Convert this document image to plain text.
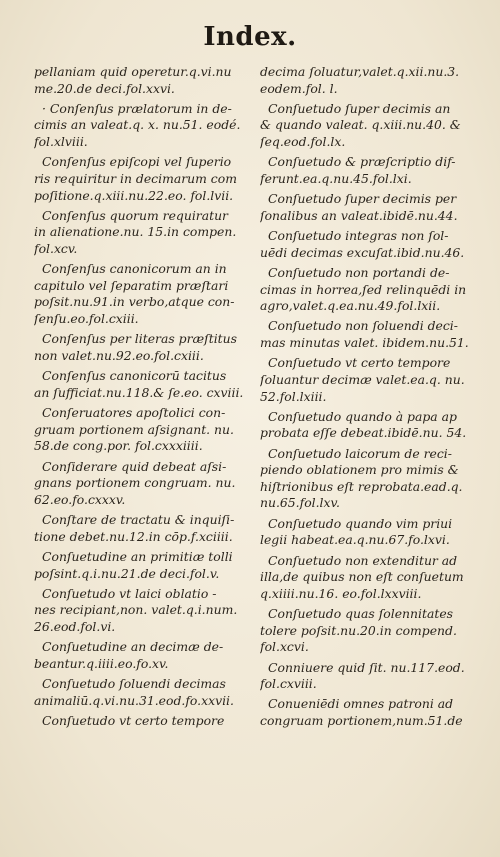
Index.
pellaniam quid operetur.q.vi.nu
me.20.de deci.fol.xxvi.
· Conſenſus prælatorum in de-
cimis an valeat.q. x. nu.51. eodé.
fol.xlviii.
Conſenſus epiſcopi vel ſuperio
ris requiritur in decimarum com
poſitione.q.xiii.nu.22.eo. fol.lvii.
Conſenſus quorum requiratur
in alienatione.nu. 15.in compen.
fol.xcv.
Conſenſus canonicorum an in
capitulo vel ſeparatim præſtari
poſsit.nu.91.in verbo,atque con-
ſenſu.eo.fol.cxiii.
Conſenſus per literas præſtitus
non valet.nu.92.eo.fol.cxiii.
Conſenſus canonicorū tacitus
an ſufficiat.nu.118.& ſe.eo. cxviii.
Conſeruatores apoſtolici con-
gruam portionem aſsignant. nu.
58.de cong.por. fol.cxxxiiii.
Conſiderare quid debeat aſsi-
gnans portionem congruam. nu.
62.eo.fo.cxxxv.
Conſtare de tractatu & inquiſi-
tione debet.nu.12.in cōp.f.xciiii.
Conſuetudine an primitiæ tolli
poſsint.q.i.nu.21.de deci.fol.v.
Conſuetudo vt laici oblatio -
nes recipiant,non. valet.q.i.num.
26.eod.fol.vi.
Conſuetudine an decimæ de-
beantur.q.iiii.eo.fo.xv.
Conſuetudo ſoluendi decimas
animaliū.q.vi.nu.31.eod.fo.xxvii.
Conſuetudo vt certo tempore
decima ſoluatur,valet.q.xii.nu.3.
eodem.fol. l.
Conſuetudo ſuper decimis an
& quando valeat. q.xiii.nu.40. &
ſeq.eod.fol.lx.
Conſuetudo & præſcriptio dif-
ferunt.ea.q.nu.45.fol.lxi.
Conſuetudo ſuper decimis per
ſonalibus an valeat.ibidē.nu.44.
Conſuetudo integras non ſol-
uēdi decimas excuſat.ibid.nu.46.
Conſuetudo non portandi de-
cimas in horrea,ſed relinquēdi in
agro,valet.q.ea.nu.49.fol.lxii.
Conſuetudo non ſoluendi deci-
mas minutas valet. ibidem.nu.51.
Conſuetudo vt certo tempore
ſoluantur decimæ valet.ea.q. nu.
52.fol.lxiii.
Conſuetudo quando à papa ap
probata eſſe debeat.ibidē.nu. 54.
Conſuetudo laicorum de reci-
piendo oblationem pro mimis &
hiſtrionibus eſt reprobata.ead.q.
nu.65.fol.lxv.
Conſuetudo quando vim priui
legii habeat.ea.q.nu.67.fo.lxvi.
Conſuetudo non extenditur ad
illa,de quibus non eſt conſuetum
q.xiiii.nu.16. eo.fol.lxxviii.
Conſuetudo quas ſolennitates
tolere poſsit.nu.20.in compend.
fol.xcvi.
Conniuere quid ſit. nu.117.eod.
fol.cxviii.
Conueniēdi omnes patroni ad
congruam portionem,num.51.de
